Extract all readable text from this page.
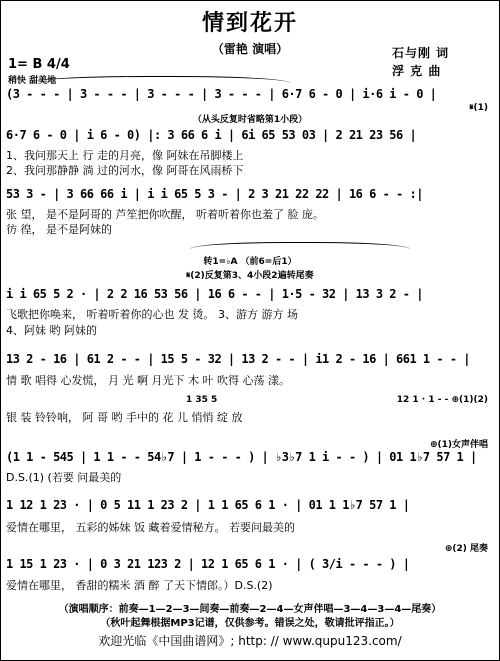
情到花开
（雷艳 演唱）	石与刚 词
浮 克 曲
1= B 4/4
稍快 甜美地
(3 - - - | 3 - - - | 3 - - - | 3 - - - | 6·7 6 - 0 | i·6 i - 0 |
𝄋(1)
（从头反复时省略第1小段）
6·7 6 - 0 | i 6 - 0) |: 3 66 6 i | 6i 65 53 03 | 2 21 23 56 |
1、我问那天上 行 走的月亮，像 阿妹在吊脚楼上
2、我问那静静 淌 过的河水，像 阿哥在风雨桥下
53 3 - | 3 66 66 i | i i 65 5 3 - | 2 3 21 22 22 | 16 6 - - :|
张 望， 是不是阿哥的 芦笙把你吹醒， 听着听着你也羞了 脸 庞。
彷 徨， 是不是阿妹的
转1=♭A （前6=后1）
𝄋(2)反复第3、4小段2遍转尾奏
i i 65 5 2 · | 2 2 16 53 56 | 16 6 - - | 1·5 - 32 | 13 3 2 - |
飞歌把你唤来， 听着听着你的心也 发 烫。 3、游方 游方 场
4、阿妹 哟 阿妹的
13 2 - 16 | 61 2 - - | 15 5 - 32 | 13 2 - - | i1 2 - 16 | 661 1 - - |
情 歌 唱得 心发慌， 月 光 啊 月光下 木 叶 吹得 心荡 漾。
银 装 铃铃响， 阿 哥 哟 手中的 花 儿 悄悄 绽 放
1 35 5	12 1 · 1 - - ⊕(1)(2)
⊕(1)女声伴唱
(1 1 - 545 | 1 1 - - 54♭7 | 1 - - - ) | ♭3♭7 1 i - - ) | 01 1♭7 57 1 |
D.S.(1) (若要 问最美的
1 12 1 23 · | 0 5 11 1 23 2 | 1 1 65 6 1 · | 01 1 1♭7 57 1 |
爱情在哪里， 五彩的姊妹 饭 藏着爱情秘方。 若要问最美的
⊕(2) 尾奏
1 15 1 23 · | 0 3 21 123 2 | 12 1 65 6 1 · | ( 3/i - - - ) |
爱情在哪里， 香甜的糯米 酒 醉 了天下情郎。）D.S.(2)
（演唱顺序：前奏—1—2—3—间奏—前奏—2—4—女声伴唱—3—4—3—4—尾奏）
（秋叶起舞根据MP3记谱，仅供参考。错误之处，敬请批评指正。）
欢迎光临《中国曲谱网》; http: // www.qupu123.com/
